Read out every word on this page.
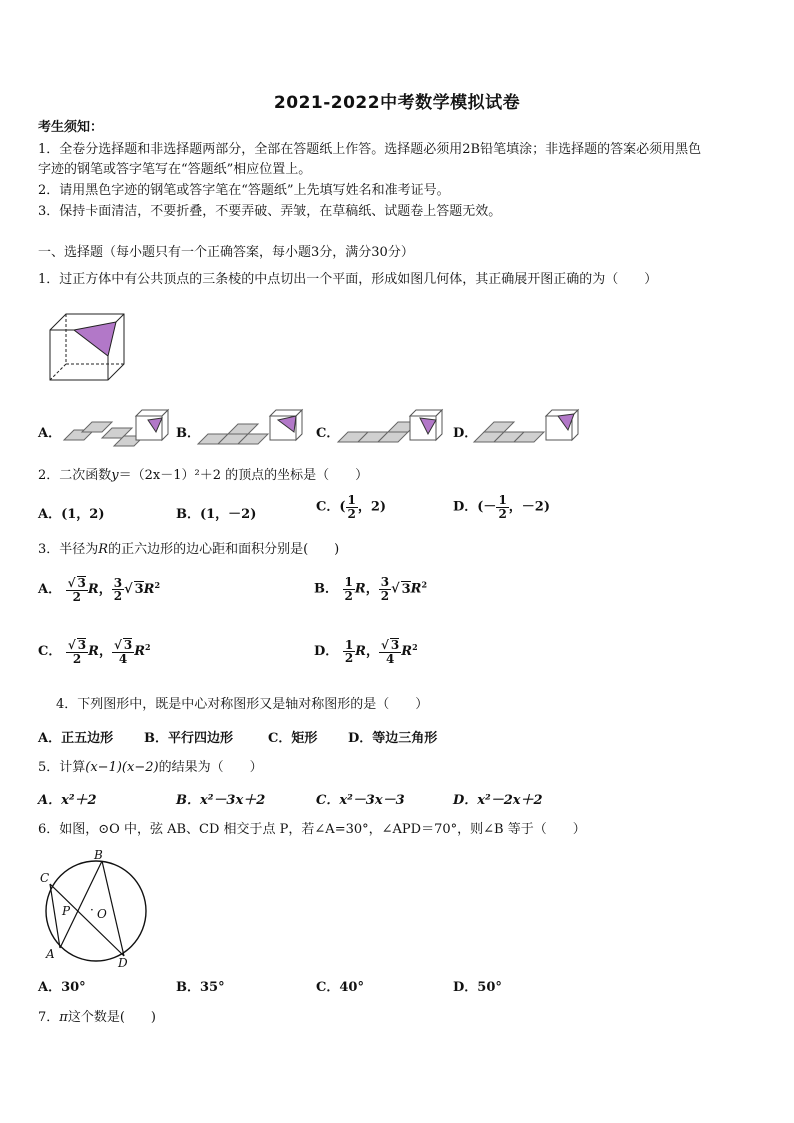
2021-2022中考数学模拟试卷
考生须知：
1．全卷分选择题和非选择题两部分，全部在答题纸上作答。选择题必须用2B铅笔填涂；非选择题的答案必须用黑色
字迹的钢笔或答字笔写在“答题纸”相应位置上。
2．请用黑色字迹的钢笔或答字笔在“答题纸”上先填写姓名和准考证号。
3．保持卡面清洁，不要折叠，不要弄破、弄皱，在草稿纸、试题卷上答题无效。
一、选择题（每小题只有一个正确答案，每小题3分，满分30分）
1．过正方体中有公共顶点的三条棱的中点切出一个平面，形成如图几何体，其正确展开图正确的为（　　）
A．	B．	C．	D．
2．二次函数y＝（2x－1）²＋2 的顶点的坐标是（　　）
A．(1，2)	B．(1，－2)	C．( $\frac{1}{2}$ ，2)	D．(－ $\frac{1}{2}$ ，－2)
3．半径为R的正六边形的边心距和面积分别是(　　)
A． $\frac{√ 3}{2}$ R， $\frac{3}{2}$ √ $3R^2$	B． $\frac{1}{2}$ R， $\frac{3}{2}$ √ $3R^2$
C． $\frac{√ 3}{2}$ R， $\frac{√ 3}{4} R^2$	D． $\frac{1}{2}$ R， $\frac{√ 3}{4} R^2$
4．下列图形中，既是中心对称图形又是轴对称图形的是（　　）
A．正五边形 B．平行四边形	C．矩形 D．等边三角形
5．计算(x−1)(x−2)的结果为（　　）
A．x²＋2	B．x²－3x＋2	C．x²－3x－3	D．x²－2x＋2
6．如图，⊙O 中，弦 AB、CD 相交于点 P，若∠A=30°，∠APD＝70°，则∠B 等于（　　）
B
C
P · O
A
D
A．30°	B．35°	C．40°	D．50°
7．π这个数是(　　)
